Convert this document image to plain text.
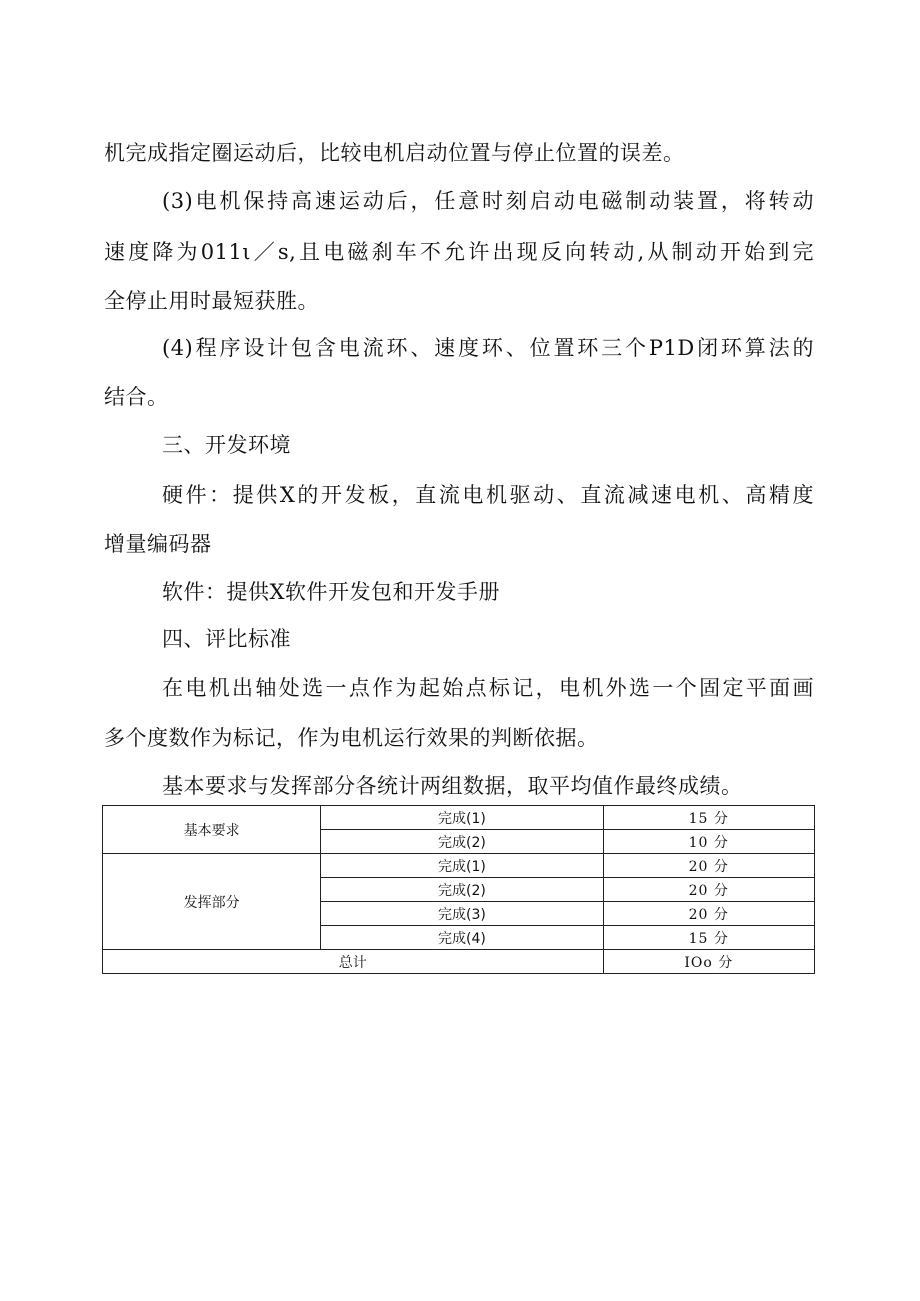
机完成指定圈运动后，比较电机启动位置与停止位置的误差。
(3)电机保持高速运动后，任意时刻启动电磁制动装置，将转动
速度降为011ι／s,且电磁刹车不允许出现反向转动,从制动开始到完
全停止用时最短获胜。
(4)程序设计包含电流环、速度环、位置环三个P1D闭环算法的
结合。
三、开发环境
硬件：提供X的开发板，直流电机驱动、直流减速电机、高精度
增量编码器
软件：提供X软件开发包和开发手册
四、评比标准
在电机出轴处选一点作为起始点标记，电机外选一个固定平面画
多个度数作为标记，作为电机运行效果的判断依据。
基本要求与发挥部分各统计两组数据，取平均值作最终成绩。
基本要求	完成(1)	15 分
	完成(2)	10 分
发挥部分	完成(1)	20 分
	完成(2)	20 分
	完成(3)	20 分
	完成(4)	15 分
总计		IOo 分
